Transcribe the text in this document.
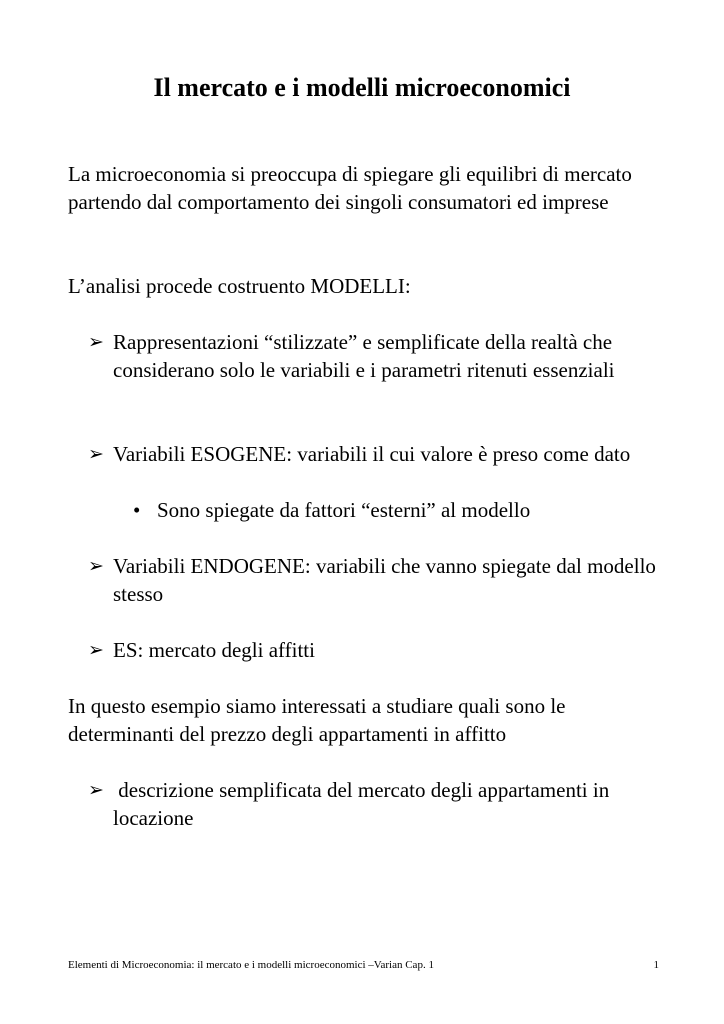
Il mercato e i modelli microeconomici
La microeconomia si preoccupa di spiegare gli equilibri di mercato partendo dal comportamento dei singoli consumatori ed imprese
L’analisi procede costruento MODELLI:
➢ Rappresentazioni “stilizzate” e semplificate della realtà che considerano solo le variabili e i parametri ritenuti essenziali
➢ Variabili ESOGENE: variabili il cui valore è preso come dato
• Sono spiegate da fattori “esterni” al modello
➢ Variabili ENDOGENE: variabili che vanno spiegate dal modello stesso
➢ ES: mercato degli affitti
In questo esempio siamo interessati a studiare quali sono le determinanti del prezzo degli appartamenti in affitto
➢ descrizione semplificata del mercato degli appartamenti in locazione
Elementi di Microeconomia: il mercato e i modelli microeconomici –Varian Cap. 1	1
